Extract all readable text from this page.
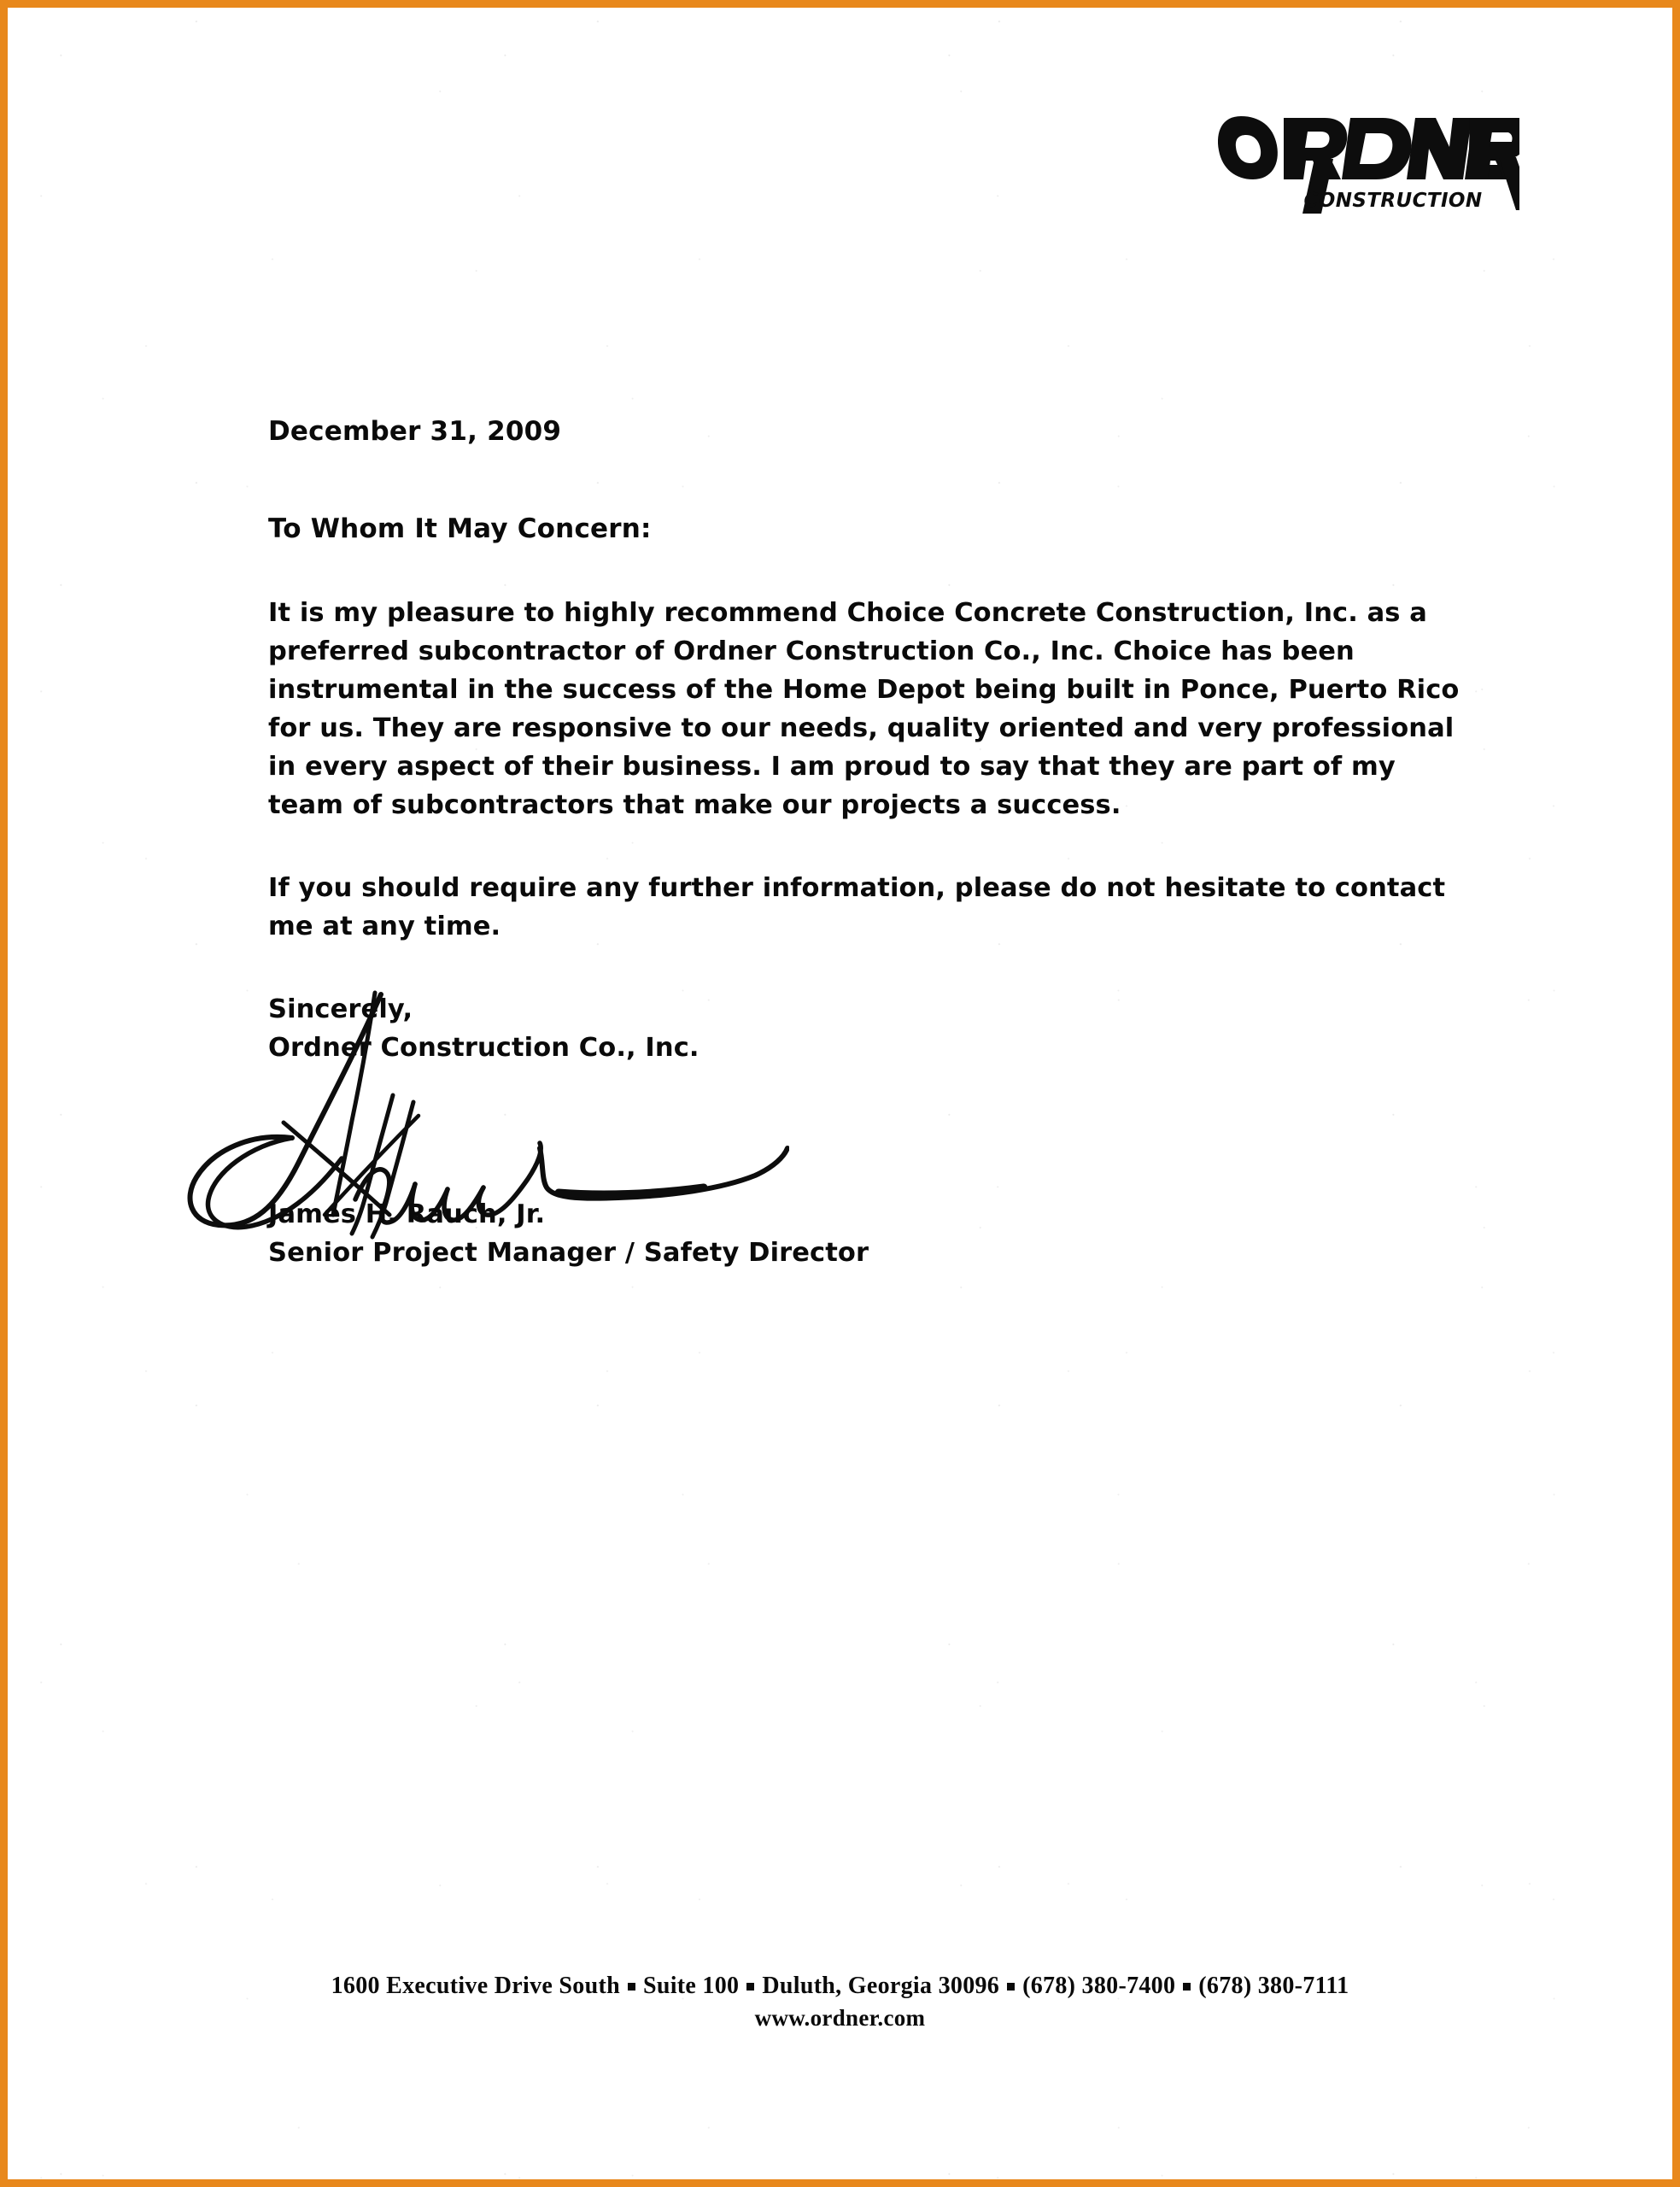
CONSTRUCTION
December 31, 2009
To Whom It May Concern:
It is my pleasure to highly recommend Choice Concrete Construction, Inc. as a
preferred subcontractor of Ordner Construction Co., Inc. Choice has been
instrumental in the success of the Home Depot being built in Ponce, Puerto Rico
for us. They are responsive to our needs, quality oriented and very professional
in every aspect of their business. I am proud to say that they are part of my
team of subcontractors that make our projects a success.
If you should require any further information, please do not hesitate to contact
me at any time.
Sincerely,
Ordner Construction Co., Inc.
James H. Rauch, Jr.
Senior Project Manager / Safety Director
1600 Executive Drive South Suite 100 Duluth, Georgia 30096 (678) 380-7400 (678) 380-7111
www.ordner.com
